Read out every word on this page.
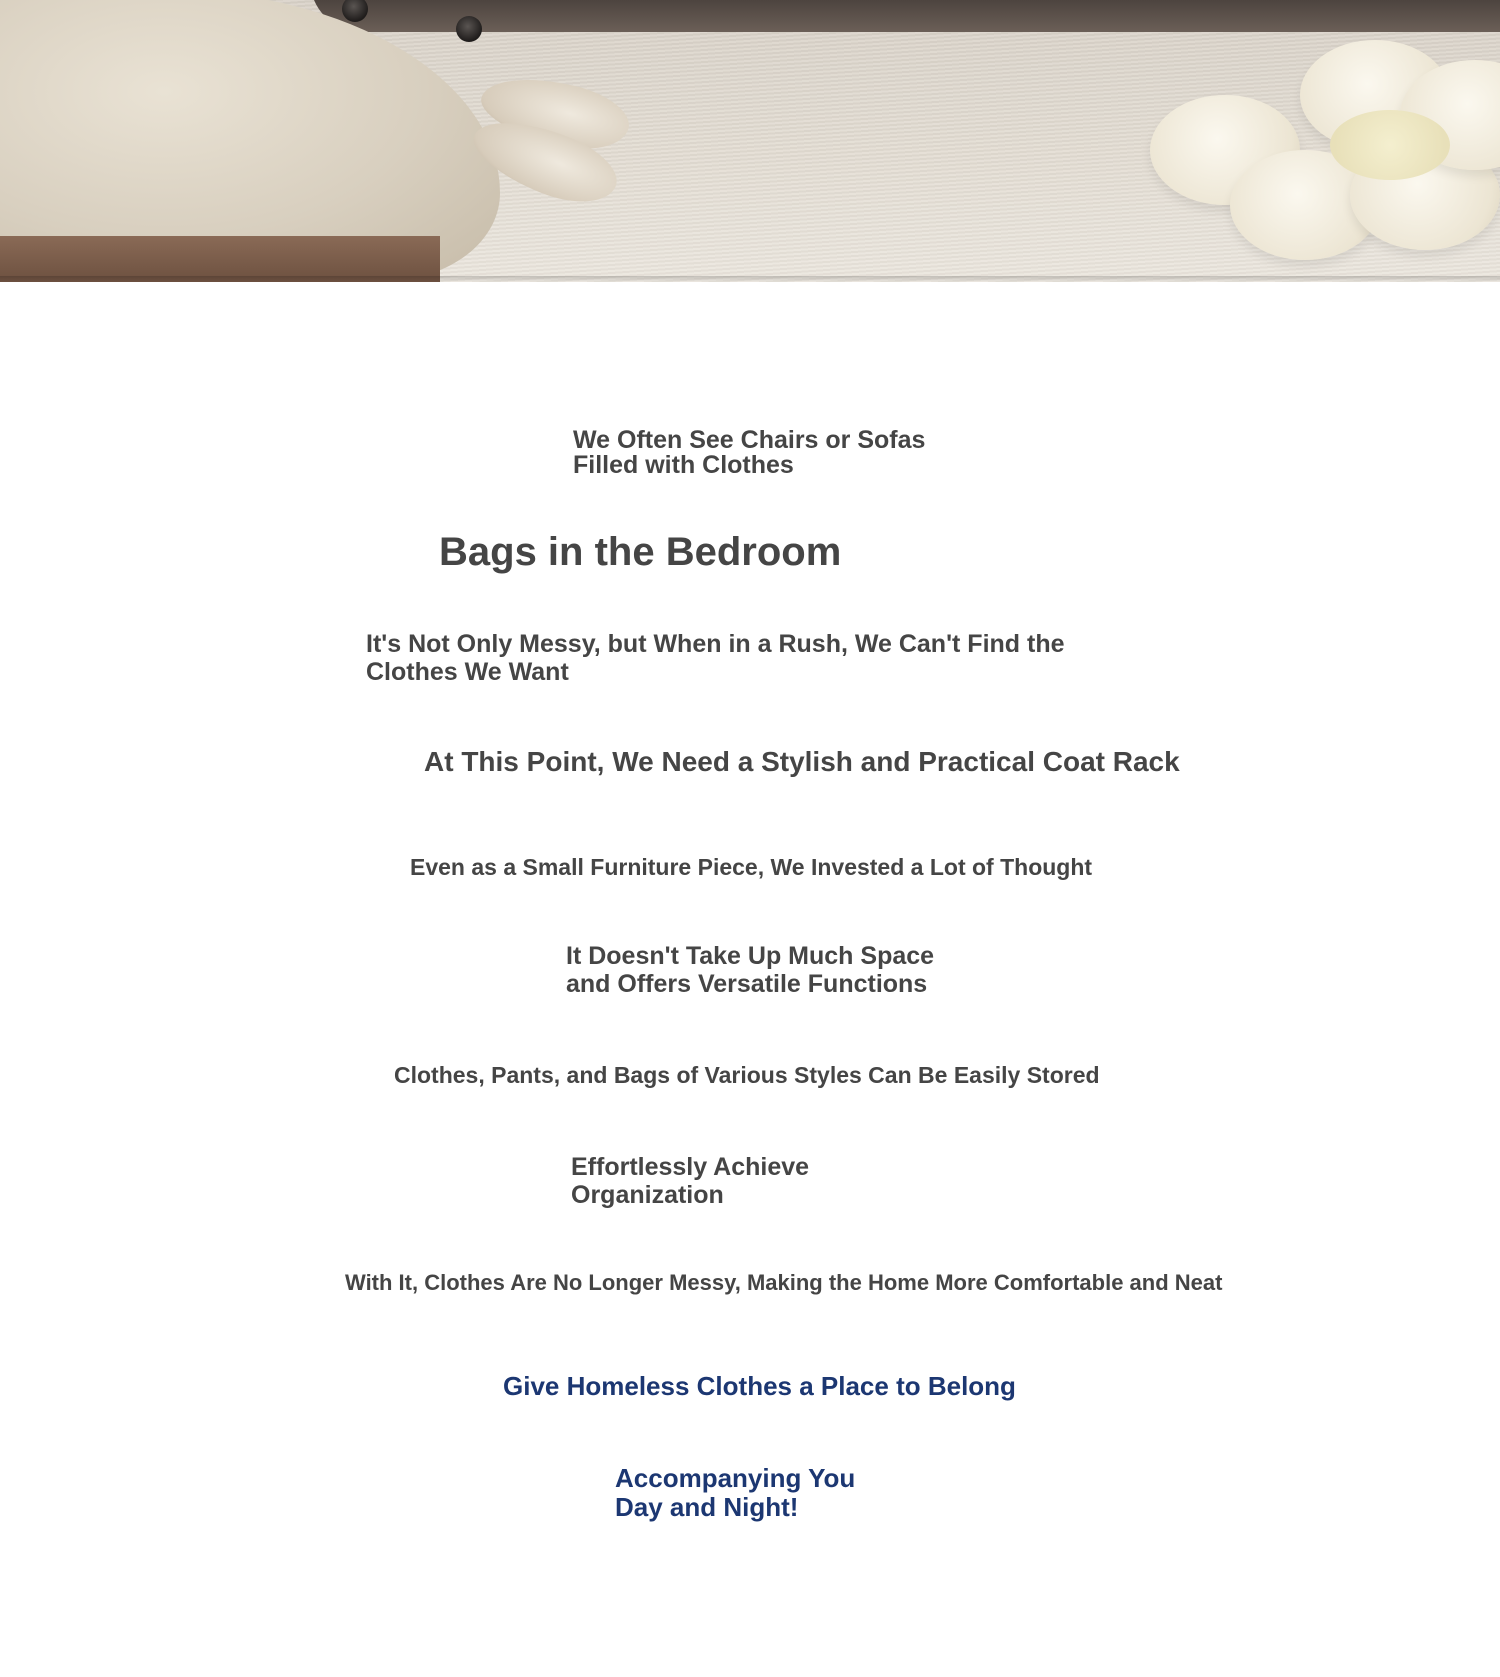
We Often See Chairs or Sofas
Filled with Clothes

Bags in the Bedroom

It's Not Only Messy, but When in a Rush, We Can't Find the
Clothes We Want

At This Point, We Need a Stylish and Practical Coat Rack

Even as a Small Furniture Piece, We Invested a Lot of Thought

It Doesn't Take Up Much Space
and Offers Versatile Functions

Clothes, Pants, and Bags of Various Styles Can Be Easily Stored

Effortlessly Achieve
Organization

With It, Clothes Are No Longer Messy, Making the Home More Comfortable and Neat

Give Homeless Clothes a Place to Belong

Accompanying You
Day and Night!
